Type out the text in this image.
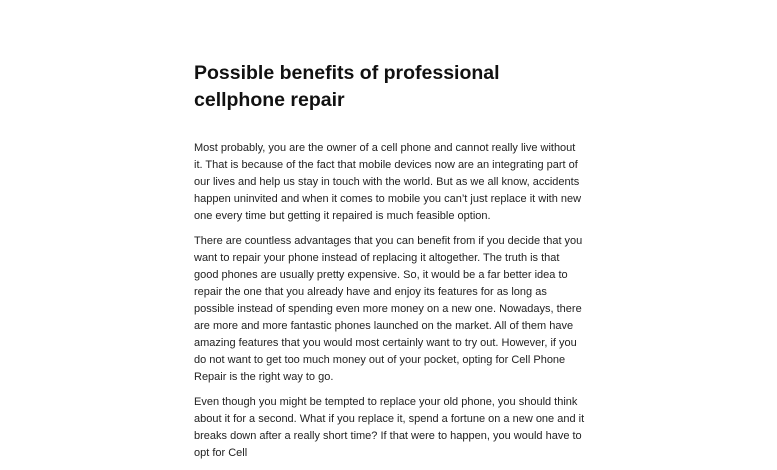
Possible benefits of professional cellphone repair

Most probably, you are the owner of a cell phone and cannot really live without it. That is because of the fact that mobile devices now are an integrating part of our lives and help us stay in touch with the world. But as we all know, accidents happen uninvited and when it comes to mobile you can’t just replace it with new one every time but getting it repaired is much feasible option.

There are countless advantages that you can benefit from if you decide that you want to repair your phone instead of replacing it altogether. The truth is that good phones are usually pretty expensive. So, it would be a far better idea to repair the one that you already have and enjoy its features for as long as possible instead of spending even more money on a new one. Nowadays, there are more and more fantastic phones launched on the market. All of them have amazing features that you would most certainly want to try out. However, if you do not want to get too much money out of your pocket, opting for Cell Phone Repair is the right way to go.

Even though you might be tempted to replace your old phone, you should think about it for a second. What if you replace it, spend a fortune on a new one and it breaks down after a really short time? If that were to happen, you would have to opt for Cell
